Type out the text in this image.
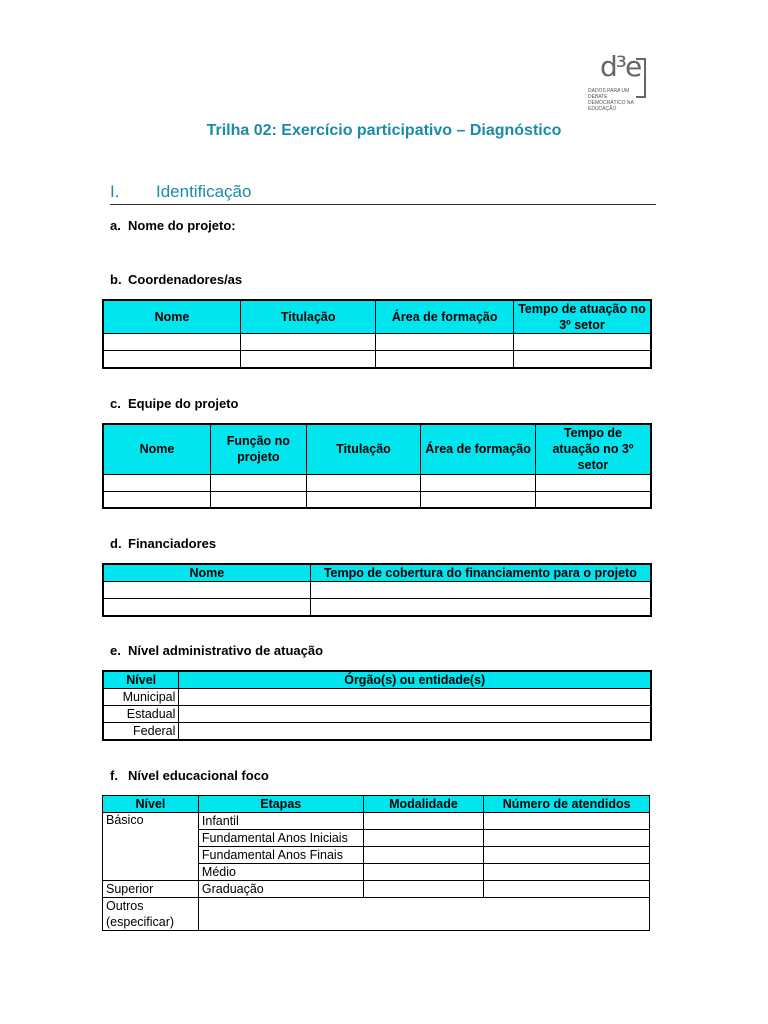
d³e
DADOS PARA UM DEBATE DEMOCRÁTICO NA EDUCAÇÃO
Trilha 02: Exercício participativo – Diagnóstico
I. Identificação
a. Nome do projeto:
b. Coordenadores/as
Nome	Titulação	Área de formação	Tempo de atuação no 3º setor

c. Equipe do projeto
Nome	Função no projeto	Titulação	Área de formação	Tempo de atuação no 3º setor

d. Financiadores
Nome	Tempo de cobertura do financiamento para o projeto

e. Nível administrativo de atuação
Nível	Órgão(s) ou entidade(s)
Municipal	
Estadual	
Federal	
f. Nível educacional foco
Nível	Etapas	Modalidade	Número de atendidos
Básico	Infantil		
	Fundamental Anos Iniciais		
	Fundamental Anos Finais		
	Médio		
Superior	Graduação		
Outros (especificar)			
